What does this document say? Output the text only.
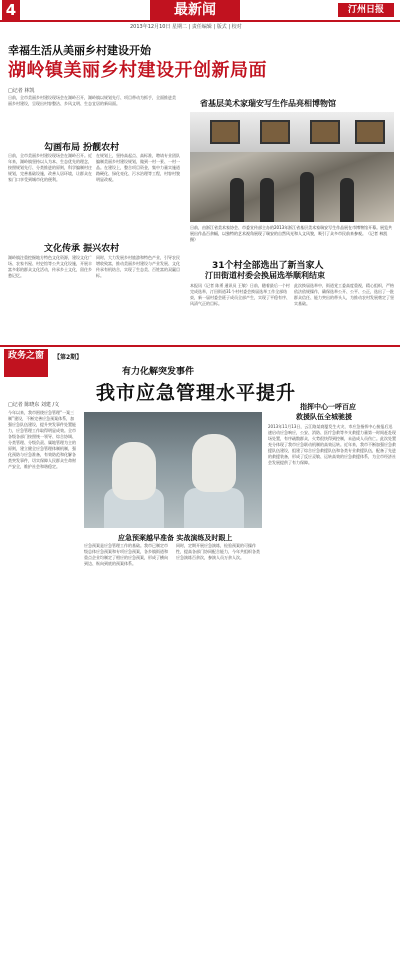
4	最新闻	汀州日报
2013年12月10日 星期二 | 责任编辑 | 版式 | 校对
幸福生活从美丽乡村建设开始
湖岭镇美丽乡村建设开创新局面
□记者 林凯
日前，全市美丽乡村建设现场会在湖岭召开，湖岭镇以规划先行、项目带动为抓手，全面推进美丽乡村建设，呈现出村容整洁、乡风文明、生态宜居的新局面。
勾画布局 扮靓农村
日前，全市美丽乡村建设现场会在湖岭召开。近年来，湖岭镇坚持以人为本、生态优先的理念，按照规划先行、分类推进的原则，科学编制村庄规划，完善基础设施，改善人居环境，让群众在家门口享受到城市化的便利。
在规划上，坚持高起点、高标准，聘请专业团队编制美丽乡村建设规划，做到一村一景、一村一品。在建设上，整合项目资金，集中力量实施道路硬化、绿化亮化、污水治理等工程，村容村貌明显改观。
文化传承 振兴农村
湖岭镇注重挖掘地方特色文化资源，建设文化广场、农家书屋、村史馆等公共文化设施，开展丰富多彩的群众文化活动，传承乡土文化，留住乡愁记忆。
同时，大力发展乡村旅游和特色产业，引导农民增收致富，推动美丽乡村建设与产业发展、文化传承有机结合，实现了生态美、百姓富的双赢目标。
省基层美术家瑞安写生作品亮相博物馆
日前，由浙江省美术家协会、市委宣传部主办的2013年浙江省基层美术家瑞安写生作品展在市博物馆开幕。展览共展出作品百余幅，以独特的艺术视角展现了瑞安的自然风光和人文风貌，吸引了众多市民前来参观。（记者 林凯 摄）
31个村全部选出了新当家人
汀田街道村委会换届选举顺利结束
本报讯（记者 陈勇 通讯员 王敏）日前，随着最后一个村完成选举，汀田街道31个村村委会换届选举工作全部结束，新一届村委会班子成员全部产生，实现了平稳有序、风清气正的目标。
此次换届选举中，街道党工委高度重视，精心组织，严格依法依规操作，确保选举公开、公平、公正，选出了一批群众信任、能力突出的带头人，为推动农村发展奠定了坚实基础。
政务之窗	【第2期】
有力化解突发事件
我市应急管理水平提升
□记者 陈晓东 刘建 /文
今年以来，我市围绕应急管理“一案三制”建设，不断完善应急预案体系，加强应急队伍建设，提升突发事件处置能力，应急管理工作取得明显成效。全市各级各部门按照统一领导、综合协调、分类管理、分级负责、属地管理为主的原则，建立健全应急管理体制机制，强化预防与应急准备，有效防范和化解各类突发事件，切实保障人民群众生命财产安全，维护社会和谐稳定。
我市举行防化演习（资料图）
应急预案越早准备 实战演练及时跟上
应急预案是应急管理工作的基础。我市已制定市级总体应急预案和专项应急预案，各乡镇街道和重点企业均制定了相应的应急预案，形成了横向到边、纵向到底的预案体系。
同时，定期开展应急演练，检验预案的可操作性，提高各部门协同配合能力，今年共组织各类应急演练百余次，参演人员万余人次。
指挥中心一呼百应
救援队伍全城驰援
2013年11月13日，云江路某商厦发生火灾，市应急指挥中心接报后迅速启动应急响应，公安、消防、医疗急救等多支救援力量第一时间赶赴现场处置，有序疏散群众，火势很快得到控制，未造成人员伤亡。此次处置充分体现了我市应急联动机制的高效运转。近年来，我市不断加强应急救援队伍建设，组建了综合应急救援队伍和各类专业救援队伍，配备了先进的救援装备，形成了反应灵敏、运转高效的应急救援体系，为全市经济社会发展提供了有力保障。
